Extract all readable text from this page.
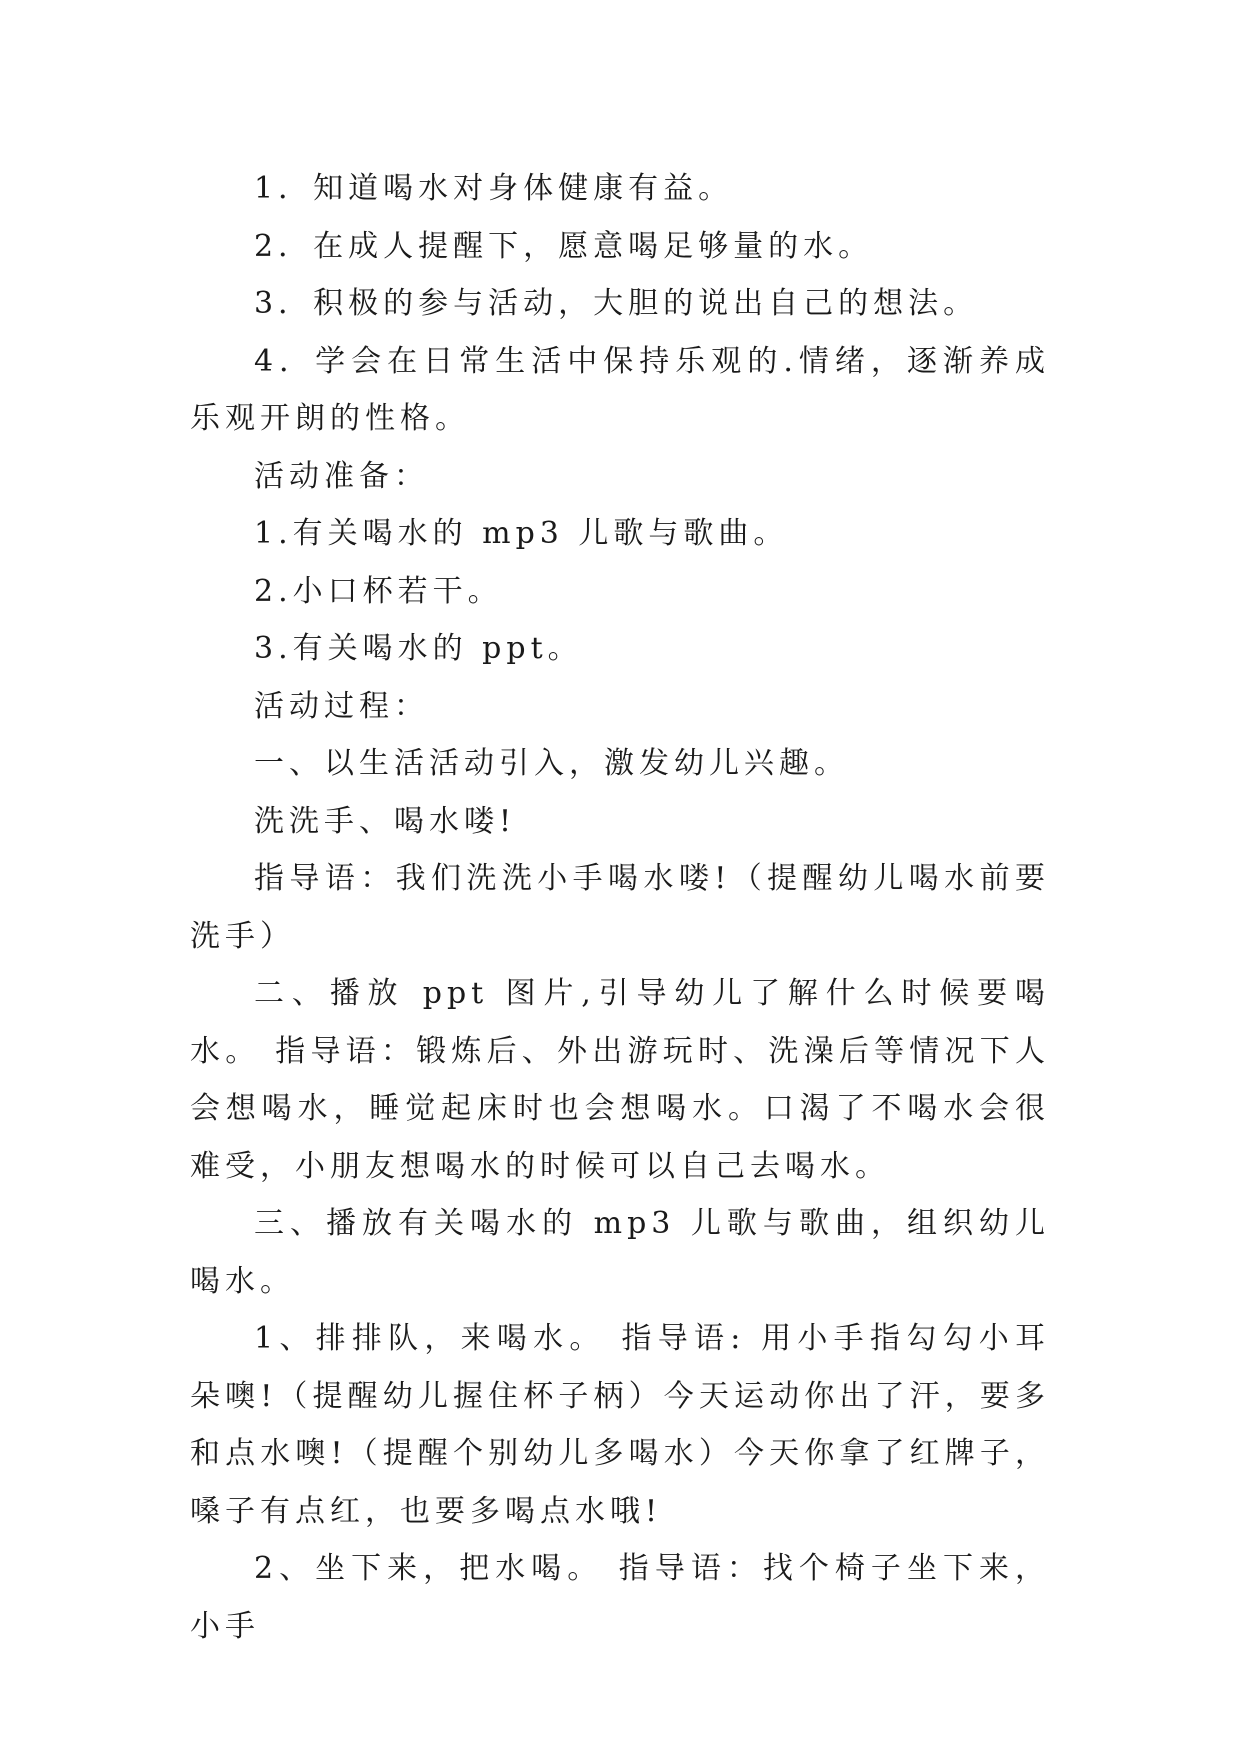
1．知道喝水对身体健康有益。

2．在成人提醒下，愿意喝足够量的水。

3．积极的参与活动，大胆的说出自己的想法。

4．学会在日常生活中保持乐观的.情绪，逐渐养成乐观开朗的性格。

活动准备：

1.有关喝水的 mp3 儿歌与歌曲。

2.小口杯若干。

3.有关喝水的 ppt。

活动过程：

一、以生活活动引入，激发幼儿兴趣。

洗洗手、喝水喽!

指导语：我们洗洗小手喝水喽!（提醒幼儿喝水前要洗手）

二、播放 ppt 图片,引导幼儿了解什么时候要喝水。 指导语：锻炼后、外出游玩时、洗澡后等情况下人会想喝水，睡觉起床时也会想喝水。口渴了不喝水会很难受，小朋友想喝水的时候可以自己去喝水。

三、播放有关喝水的 mp3 儿歌与歌曲，组织幼儿喝水。

1、排排队，来喝水。 指导语: 用小手指勾勾小耳朵噢!（提醒幼儿握住杯子柄）今天运动你出了汗，要多和点水噢!（提醒个别幼儿多喝水）今天你拿了红牌子，嗓子有点红，也要多喝点水哦!

2、坐下来，把水喝。 指导语：找个椅子坐下来，小手
